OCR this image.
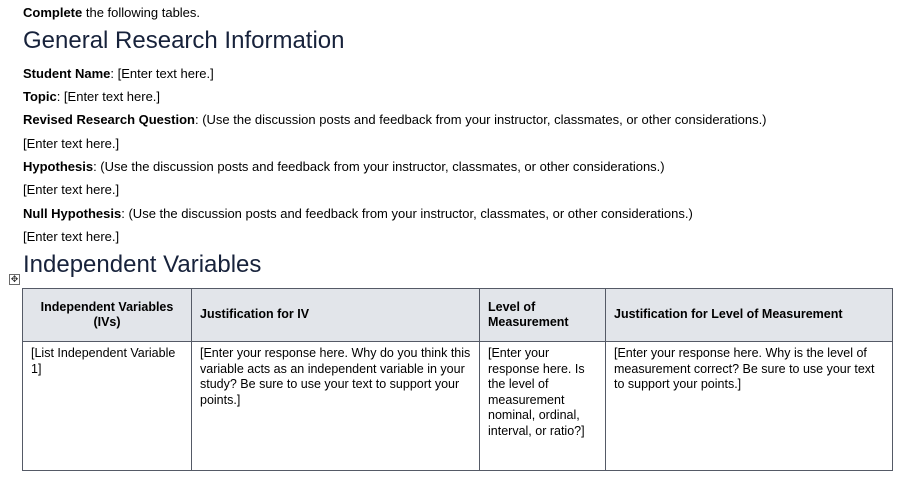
Complete the following tables.
General Research Information
Student Name: [Enter text here.]
Topic: [Enter text here.]
Revised Research Question: (Use the discussion posts and feedback from your instructor, classmates, or other considerations.)
[Enter text here.]
Hypothesis: (Use the discussion posts and feedback from your instructor, classmates, or other considerations.)
[Enter text here.]
Null Hypothesis: (Use the discussion posts and feedback from your instructor, classmates, or other considerations.)
[Enter text here.]
Independent Variables
✥
Independent Variables (IVs)	Justification for IV	Level of Measurement	Justification for Level of Measurement
[List Independent Variable 1]	[Enter your response here. Why do you think this variable acts as an independent variable in your study? Be sure to use your text to support your points.]	[Enter your response here. Is the level of measurement nominal, ordinal, interval, or ratio?]	[Enter your response here. Why is the level of measurement correct? Be sure to use your text to support your points.]
